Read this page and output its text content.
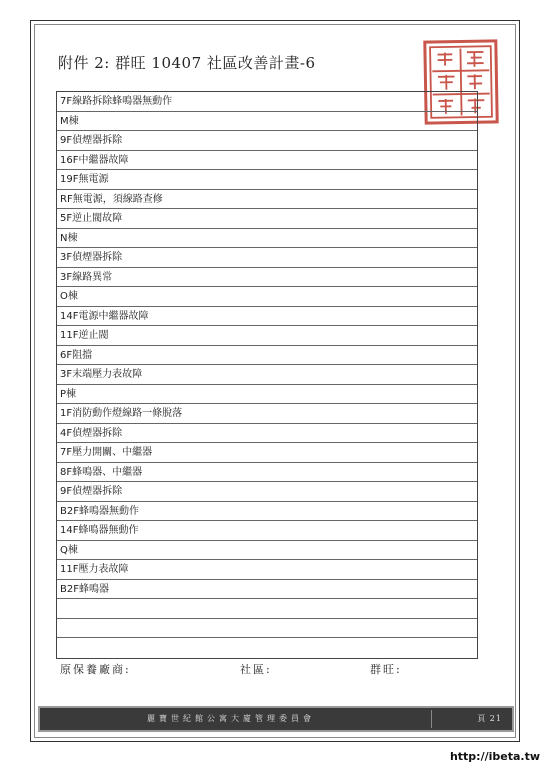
附件 2: 群旺 10407 社區改善計畫-6
7F線路拆除蜂鳴器無動作
M棟
9F偵煙器拆除
16F中繼器故障
19F無電源
RF無電源，須線路查修
5F逆止閥故障
N棟
3F偵煙器拆除
3F線路異常
O棟
14F電源中繼器故障
11F逆止閥
6F阻擋
3F末端壓力表故障
P棟
1F消防動作燈線路一條脫落
4F偵煙器拆除
7F壓力開關、中繼器
8F蜂鳴器、中繼器
9F偵煙器拆除
B2F蜂鳴器無動作
14F蜂鳴器無動作
Q棟
11F壓力表故障
B2F蜂鳴器
原保養廠商:	社區:	群旺:
麗寶世紀館公寓大廈管理委員會	頁 21
http://ibeta.tw
